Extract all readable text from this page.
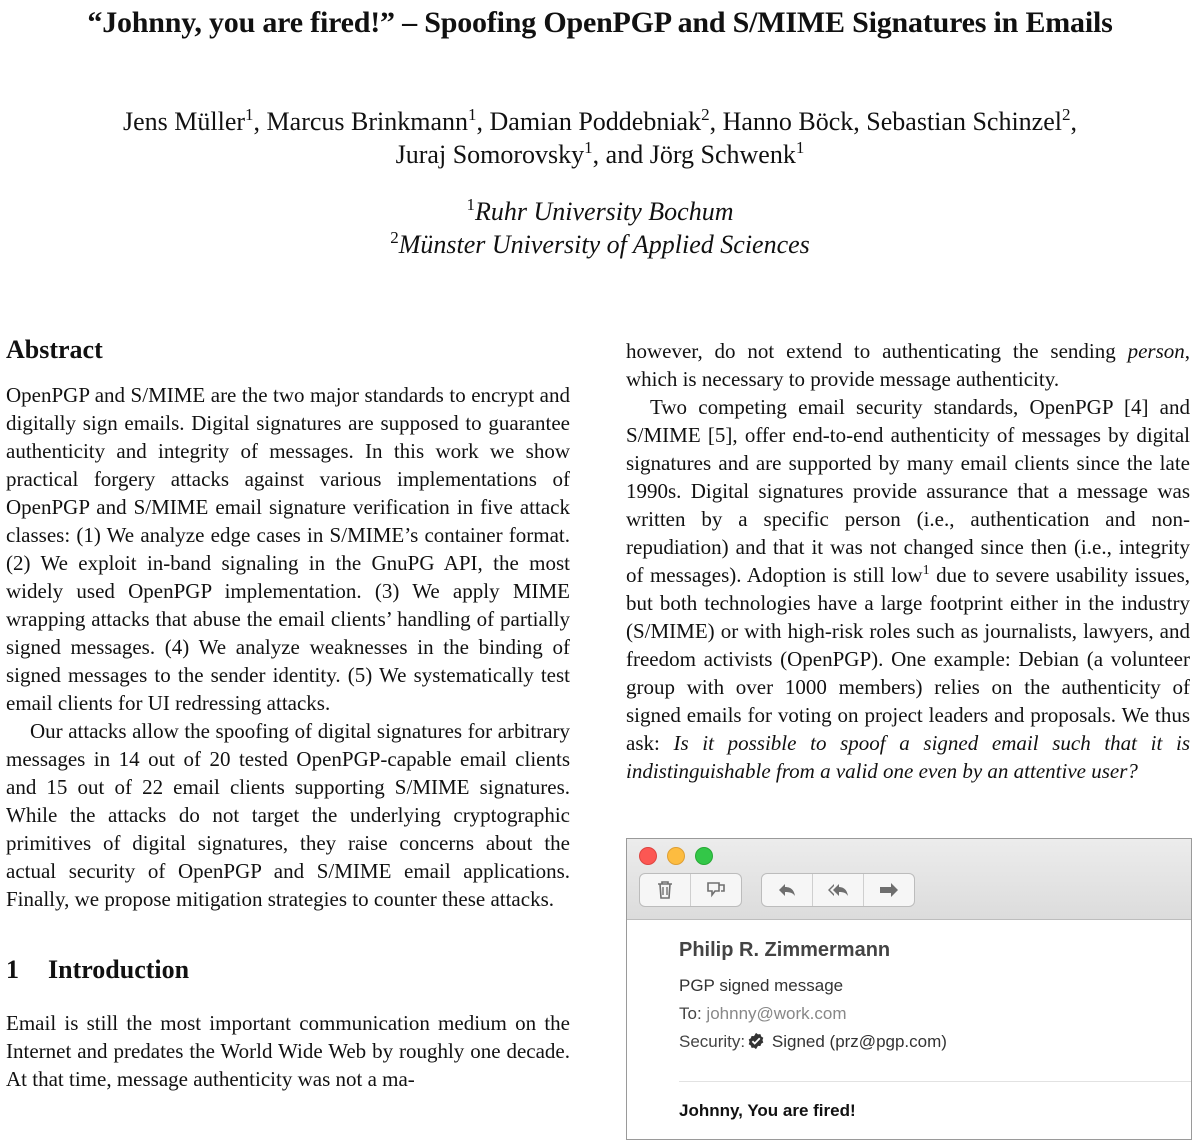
“Johnny, you are fired!” – Spoofing OpenPGP and S/MIME Signatures in Emails
Jens Müller$^1$, Marcus Brinkmann$^1$, Damian Poddebniak$^2$, Hanno Böck, Sebastian Schinzel$^2$,
Juraj Somorovsky$^1$, and Jörg Schwenk$^1$
$^1$Ruhr University Bochum
$^2$Münster University of Applied Sciences
Abstract

OpenPGP and S/MIME are the two major standards to encrypt and digitally sign emails. Digital signatures are supposed to guarantee authenticity and integrity of messages. In this work we show practical forgery attacks against various implementations of OpenPGP and S/MIME email signature verification in five attack classes: (1) We analyze edge cases in S/MIME’s container format. (2) We exploit in-band signaling in the GnuPG API, the most widely used OpenPGP implementation. (3) We apply MIME wrapping attacks that abuse the email clients’ handling of partially signed messages. (4) We analyze weaknesses in the binding of signed messages to the sender identity. (5) We systematically test email clients for UI redressing attacks.

Our attacks allow the spoofing of digital signatures for arbitrary messages in 14 out of 20 tested OpenPGP-capable email clients and 15 out of 22 email clients supporting S/MIME signatures. While the attacks do not target the underlying cryptographic primitives of digital signatures, they raise concerns about the actual security of OpenPGP and S/MIME email applications. Finally, we propose mitigation strategies to counter these attacks.

1 Introduction

Email is still the most important communication medium on the Internet and predates the World Wide Web by roughly one decade. At that time, message authenticity was not a ma-

however, do not extend to authenticating the sending person, which is necessary to provide message authenticity.

Two competing email security standards, OpenPGP [4] and S/MIME [5], offer end-to-end authenticity of messages by digital signatures and are supported by many email clients since the late 1990s. Digital signatures provide assurance that a message was written by a specific person (i.e., authentication and non-repudiation) and that it was not changed since then (i.e., integrity of messages). Adoption is still low$^1$ due to severe usability issues, but both technologies have a large footprint either in the industry (S/MIME) or with high-risk roles such as journalists, lawyers, and freedom activists (OpenPGP). One example: Debian (a volunteer group with over 1000 members) relies on the authenticity of signed emails for voting on project leaders and proposals. We thus ask: Is it possible to spoof a signed email such that it is indistinguishable from a valid one even by an attentive user?

Philip R. Zimmermann
PGP signed message
To: johnny@work.com
Security: Signed (prz@pgp.com)
Johnny, You are fired!
